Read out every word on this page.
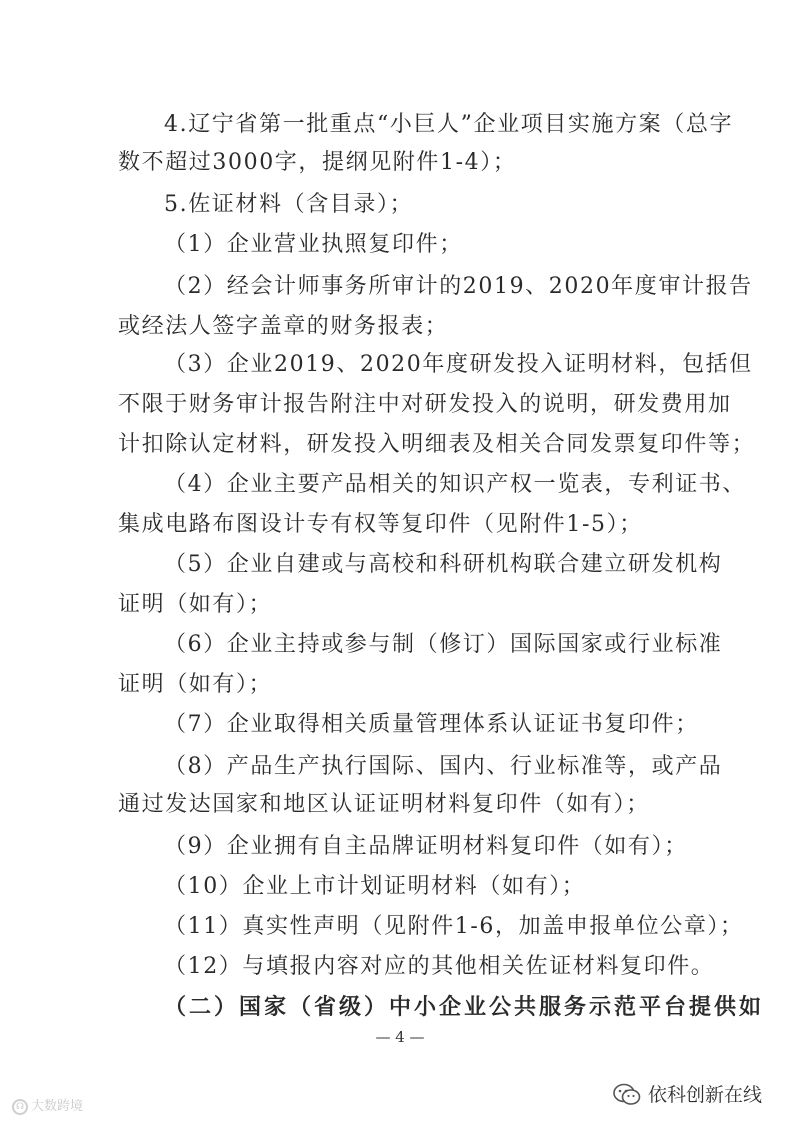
4.辽宁省第一批重点“小巨人”企业项目实施方案（总字
数不超过3000字，提纲见附件1-4）；
5.佐证材料（含目录）；
（1）企业营业执照复印件；
（2）经会计师事务所审计的2019、2020年度审计报告
或经法人签字盖章的财务报表；
（3）企业2019、2020年度研发投入证明材料，包括但
不限于财务审计报告附注中对研发投入的说明，研发费用加
计扣除认定材料，研发投入明细表及相关合同发票复印件等；
（4）企业主要产品相关的知识产权一览表，专利证书、
集成电路布图设计专有权等复印件（见附件1-5）；
（5）企业自建或与高校和科研机构联合建立研发机构
证明（如有）；
（6）企业主持或参与制（修订）国际国家或行业标准
证明（如有）；
（7）企业取得相关质量管理体系认证证书复印件；
（8）产品生产执行国际、国内、行业标准等，或产品
通过发达国家和地区认证证明材料复印件（如有）；
（9）企业拥有自主品牌证明材料复印件（如有）；
（10）企业上市计划证明材料（如有）；
（11）真实性声明（见附件1-6，加盖申报单位公章）；
（12）与填报内容对应的其他相关佐证材料复印件。
（二）国家（省级）中小企业公共服务示范平台提供如
— 4 —
☊ 大数跨境
依科创新在线
